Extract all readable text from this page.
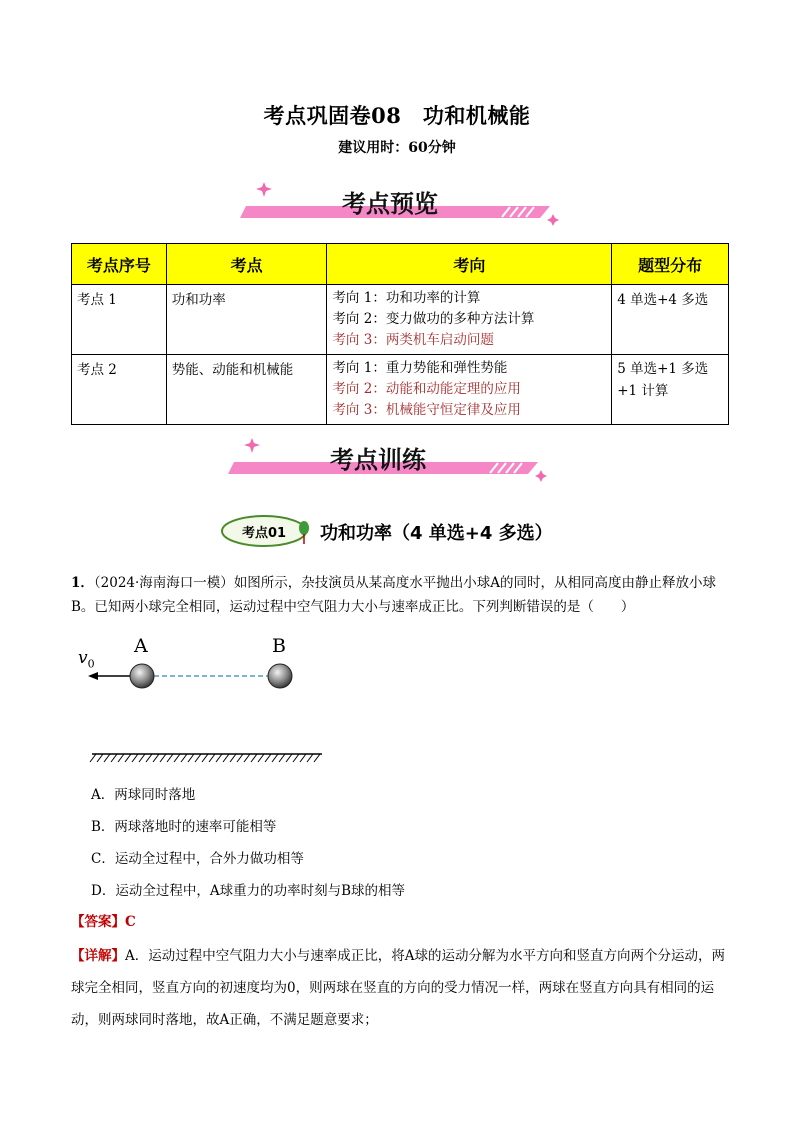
考点巩固卷08　功和机械能
建议用时：60分钟
考点预览
考点序号	考点	考向	题型分布
考点 1	功和功率	考向 1：功和功率的计算
考向 2：变力做功的多种方法计算
考向 3：两类机车启动问题	4 单选+4 多选
考点 2	势能、动能和机械能	考向 1：重力势能和弹性势能
考向 2：动能和动能定理的应用
考向 3：机械能守恒定律及应用	5 单选+1 多选+1 计算
考点训练
考点01	功和功率（4 单选+4 多选）
1．（2024·海南海口一模）如图所示，杂技演员从某高度水平抛出小球A的同时，从相同高度由静止释放小球B。已知两小球完全相同，运动过程中空气阻力大小与速率成正比。下列判断错误的是（　　）
$v_0$
A	B
A．两球同时落地
B．两球落地时的速率可能相等
C．运动全过程中，合外力做功相等
D．运动全过程中，A球重力的功率时刻与B球的相等
【答案】C
【详解】A．运动过程中空气阻力大小与速率成正比，将A球的运动分解为水平方向和竖直方向两个分运动，两球完全相同，竖直方向的初速度均为0，则两球在竖直的方向的受力情况一样，两球在竖直方向具有相同的运动，则两球同时落地，故A正确，不满足题意要求；
